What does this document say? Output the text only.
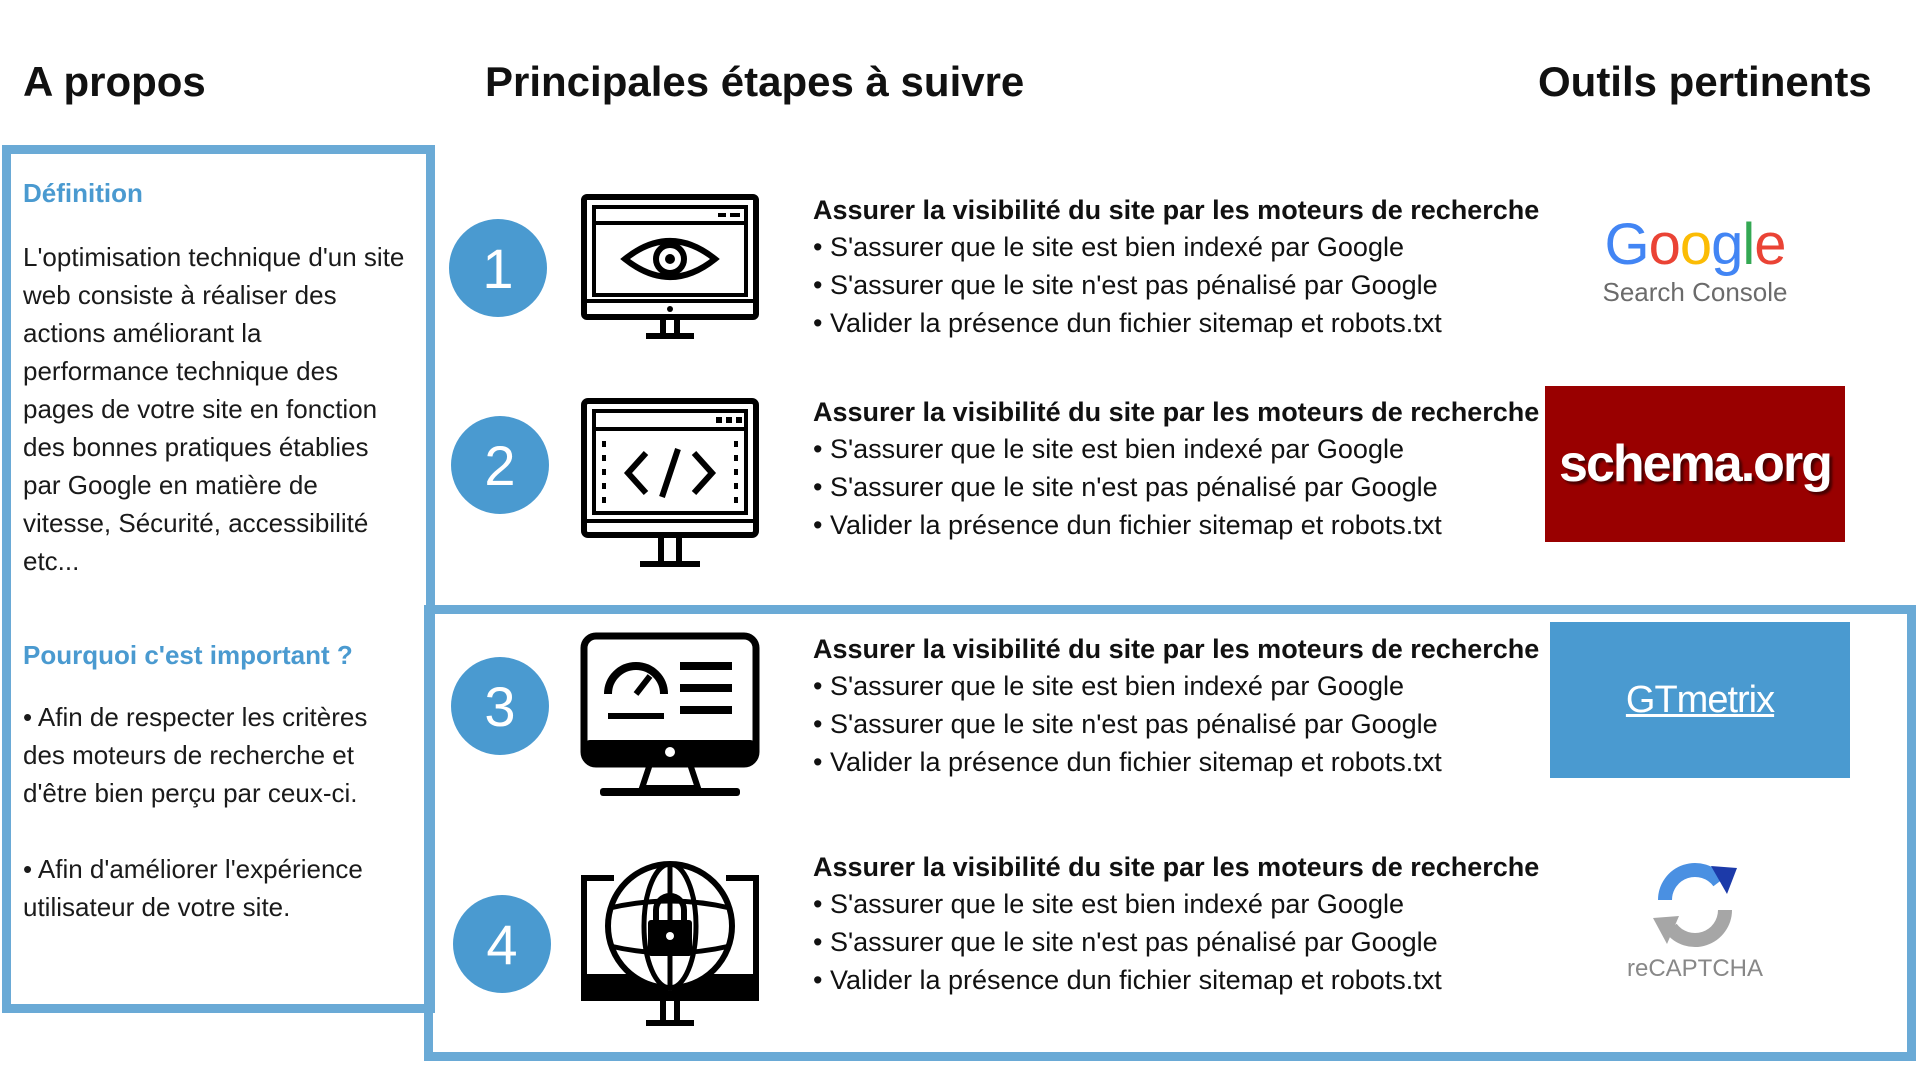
A propos	Principales étapes à suivre	Outils pertinents
Définition
L'optimisation technique d'un site web consiste à réaliser des actions améliorant la performance technique des pages de votre site en fonction des bonnes pratiques établies par Google en matière de vitesse, Sécurité, accessibilité etc...
Pourquoi c'est important ?
• Afin de respecter les critères des moteurs de recherche et d'être bien perçu par ceux-ci.
• Afin d'améliorer l'expérience utilisateur de votre site.
1
Assurer la visibilité du site par les moteurs de recherche
• S'assurer que le site est bien indexé par Google
• S'assurer que le site n'est pas pénalisé par Google
• Valider la présence dun fichier sitemap et robots.txt
2
Assurer la visibilité du site par les moteurs de recherche
• S'assurer que le site est bien indexé par Google
• S'assurer que le site n'est pas pénalisé par Google
• Valider la présence dun fichier sitemap et robots.txt
3
Assurer la visibilité du site par les moteurs de recherche
• S'assurer que le site est bien indexé par Google
• S'assurer que le site n'est pas pénalisé par Google
• Valider la présence dun fichier sitemap et robots.txt
4
Assurer la visibilité du site par les moteurs de recherche
• S'assurer que le site est bien indexé par Google
• S'assurer que le site n'est pas pénalisé par Google
• Valider la présence dun fichier sitemap et robots.txt
Google
Search Console
schema.org
GTmetrix
reCAPTCHA
